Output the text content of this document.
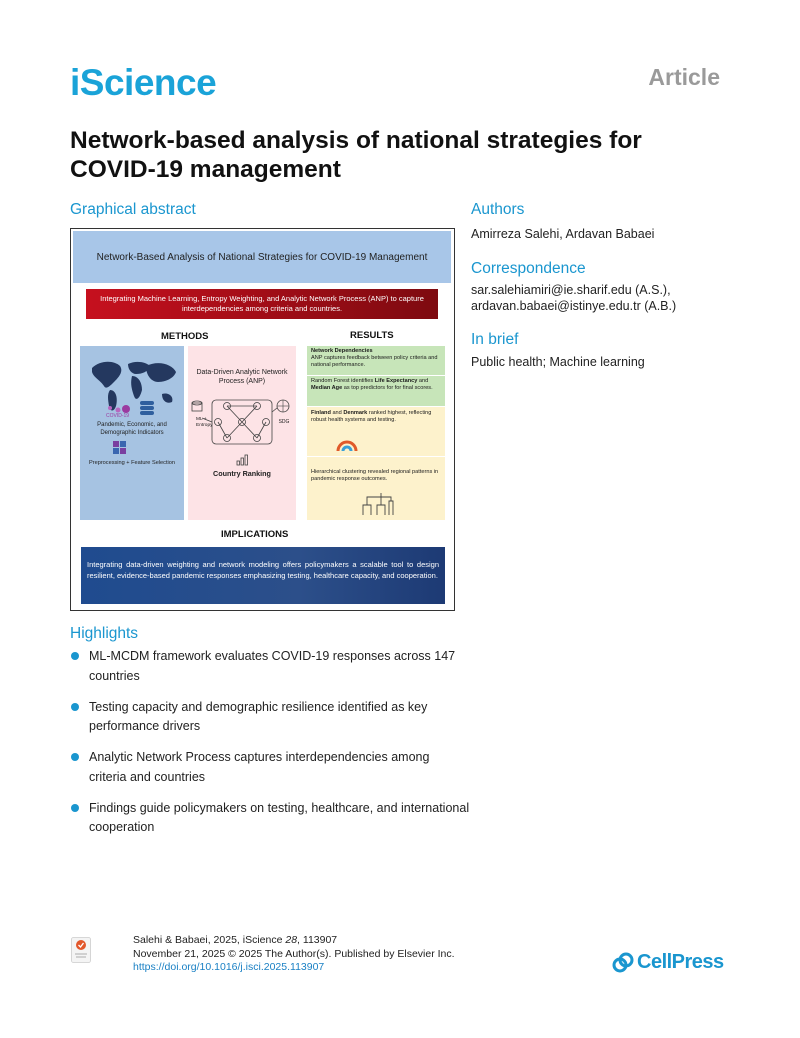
iScience	Article
Network-based analysis of national strategies for COVID-19 management
Graphical abstract
Network-Based Analysis of National Strategies for COVID-19 Management
Integrating Machine Learning, Entropy Weighting, and Analytic Network Process (ANP) to capture interdependencies among criteria and countries.
METHODS	RESULTS
COVID-19
Pandemic, Economic, and Demographic Indicators
Preprocessing + Feature Selection
Data-Driven Analytic Network Process (ANP)
ML + Entropy
SDG
Country Ranking
Network Dependencies
ANP captures feedback between policy criteria and national performance.
Random Forest identifies Life Expectancy and Median Age as top predictors for for final scores.
Finland and Denmark ranked highest, reflecting robust health systems and testing.
Hierarchical clustering revealed regional patterns in pandemic response outcomes.
IMPLICATIONS
Integrating data-driven weighting and network modeling offers policymakers a scalable tool to design resilient, evidence-based pandemic responses emphasizing testing, healthcare capacity, and cooperation.
Authors
Amirreza Salehi, Ardavan Babaei
Correspondence
sar.salehiamiri@ie.sharif.edu (A.S.),
ardavan.babaei@istinye.edu.tr (A.B.)
In brief
Public health; Machine learning
Highlights
ML-MCDM framework evaluates COVID-19 responses across 147 countries
Testing capacity and demographic resilience identified as key performance drivers
Analytic Network Process captures interdependencies among criteria and countries
Findings guide policymakers on testing, healthcare, and international cooperation
Salehi & Babaei, 2025, iScience 28, 113907
November 21, 2025 © 2025 The Author(s). Published by Elsevier Inc.
https://doi.org/10.1016/j.isci.2025.113907	CellPress
